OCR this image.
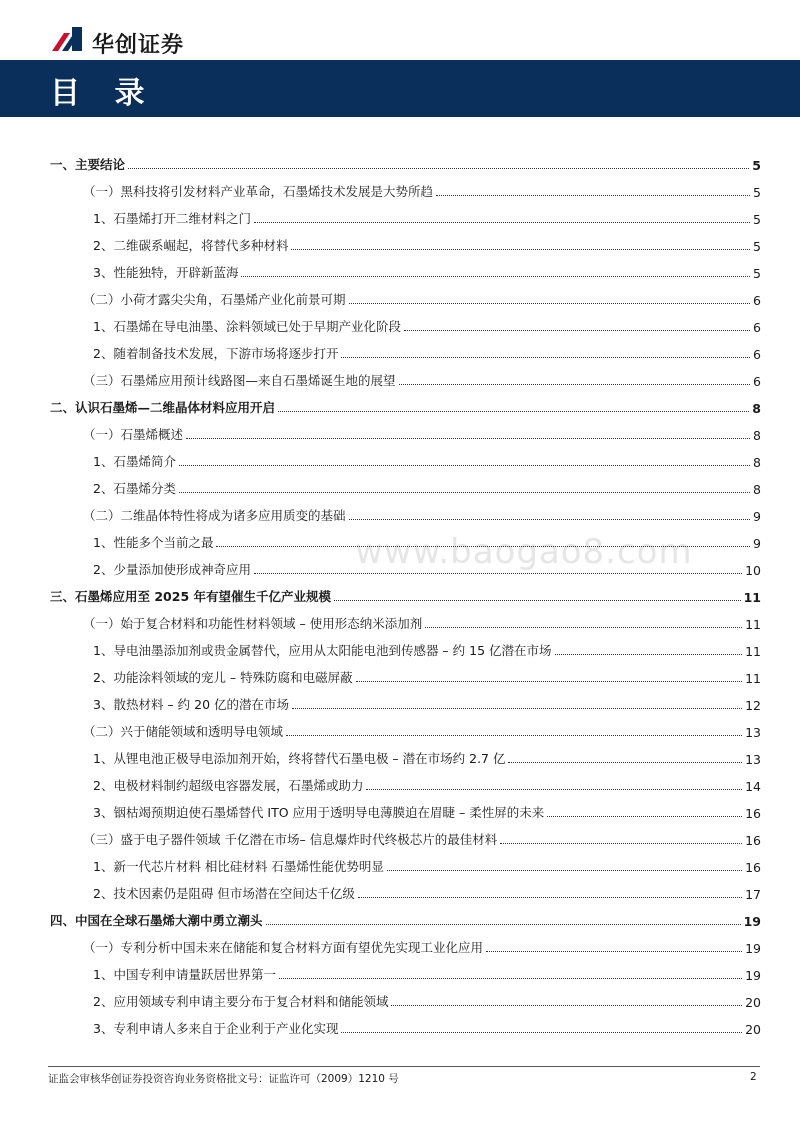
华创证券
目 录
www.baogao8.com
一、主要结论	5
（一）黑科技将引发材料产业革命，石墨烯技术发展是大势所趋	5
1、石墨烯打开二维材料之门	5
2、二维碳系崛起，将替代多种材料	5
3、性能独特，开辟新蓝海	5
（二）小荷才露尖尖角，石墨烯产业化前景可期	6
1、石墨烯在导电油墨、涂料领域已处于早期产业化阶段	6
2、随着制备技术发展，下游市场将逐步打开	6
（三）石墨烯应用预计线路图—来自石墨烯诞生地的展望	6
二、认识石墨烯—二维晶体材料应用开启	8
（一）石墨烯概述	8
1、石墨烯简介	8
2、石墨烯分类	8
（二）二维晶体特性将成为诸多应用质变的基础	9
1、性能多个当前之最	9
2、少量添加使形成神奇应用	10
三、石墨烯应用至 2025 年有望催生千亿产业规模	11
（一）始于复合材料和功能性材料领域 – 使用形态纳米添加剂	11
1、导电油墨添加剂或贵金属替代，应用从太阳能电池到传感器 – 约 15 亿潜在市场	11
2、功能涂料领域的宠儿 – 特殊防腐和电磁屏蔽	11
3、散热材料 – 约 20 亿的潜在市场	12
（二）兴于储能领域和透明导电领域	13
1、从锂电池正极导电添加剂开始，终将替代石墨电极 – 潜在市场约 2.7 亿	13
2、电极材料制约超级电容器发展，石墨烯或助力	14
3、铟枯竭预期迫使石墨烯替代 ITO 应用于透明导电薄膜迫在眉睫 – 柔性屏的未来	16
（三）盛于电子器件领域 千亿潜在市场– 信息爆炸时代终极芯片的最佳材料	16
1、新一代芯片材料 相比硅材料 石墨烯性能优势明显	16
2、技术因素仍是阻碍 但市场潜在空间达千亿级	17
四、中国在全球石墨烯大潮中勇立潮头	19
（一）专利分析中国未来在储能和复合材料方面有望优先实现工业化应用	19
1、中国专利申请量跃居世界第一	19
2、应用领域专利申请主要分布于复合材料和储能领域	20
3、专利申请人多来自于企业利于产业化实现	20
证监会审核华创证券投资咨询业务资格批文号：证监许可（2009）1210 号	2
